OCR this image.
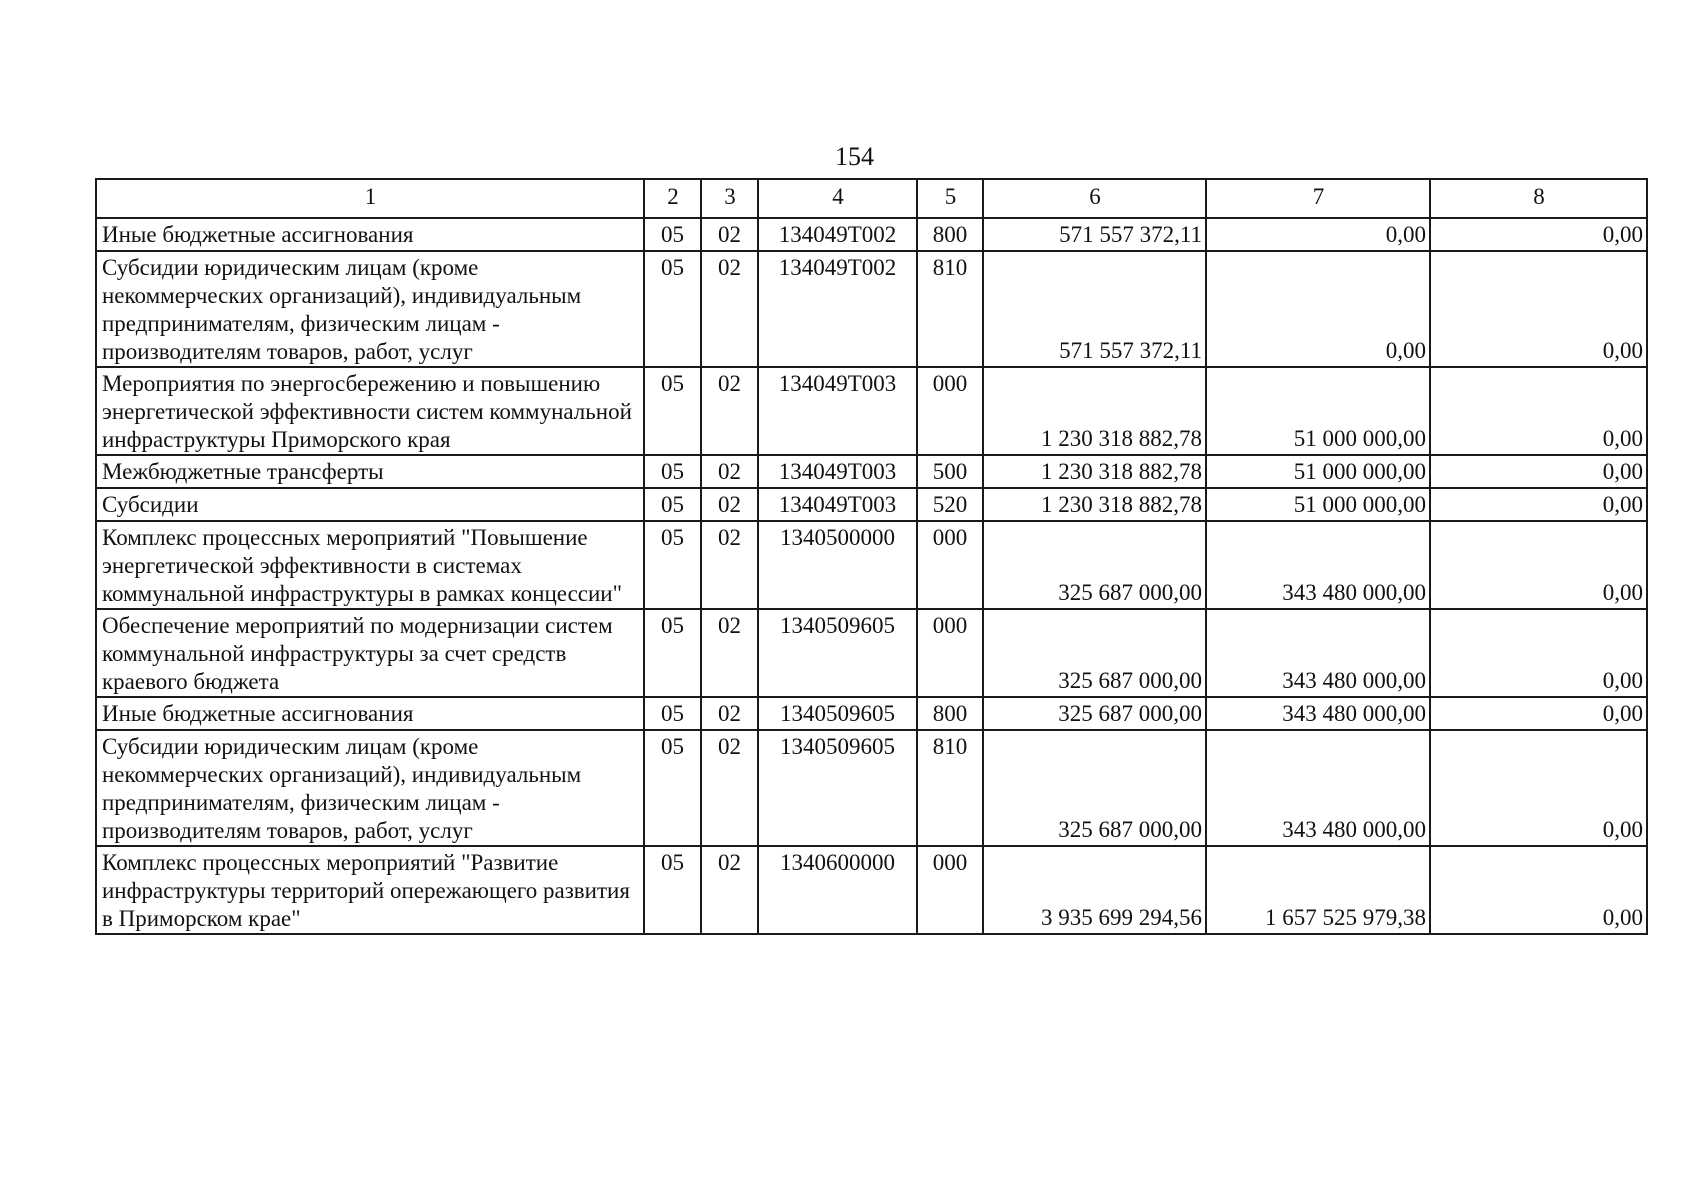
154
1	2	3	4	5	6	7	8
Иные бюджетные ассигнования	05	02	134049Т002	800	571 557 372,11	0,00	0,00
Субсидии юридическим лицам (кроме некоммерческих организаций), индивидуальным предпринимателям, физическим лицам - производителям товаров, работ, услуг	05	02	134049Т002	810	571 557 372,11	0,00	0,00
Мероприятия по энергосбережению и повышению энергетической эффективности систем коммунальной инфраструктуры Приморского края	05	02	134049Т003	000	1 230 318 882,78	51 000 000,00	0,00
Межбюджетные трансферты	05	02	134049Т003	500	1 230 318 882,78	51 000 000,00	0,00
Субсидии	05	02	134049Т003	520	1 230 318 882,78	51 000 000,00	0,00
Комплекс процессных мероприятий "Повышение энергетической эффективности в системах коммунальной инфраструктуры в рамках концессии"	05	02	1340500000	000	325 687 000,00	343 480 000,00	0,00
Обеспечение мероприятий по модернизации систем коммунальной инфраструктуры за счет средств краевого бюджета	05	02	1340509605	000	325 687 000,00	343 480 000,00	0,00
Иные бюджетные ассигнования	05	02	1340509605	800	325 687 000,00	343 480 000,00	0,00
Субсидии юридическим лицам (кроме некоммерческих организаций), индивидуальным предпринимателям, физическим лицам - производителям товаров, работ, услуг	05	02	1340509605	810	325 687 000,00	343 480 000,00	0,00
Комплекс процессных мероприятий "Развитие инфраструктуры территорий опережающего развития в Приморском крае"	05	02	1340600000	000	3 935 699 294,56	1 657 525 979,38	0,00
